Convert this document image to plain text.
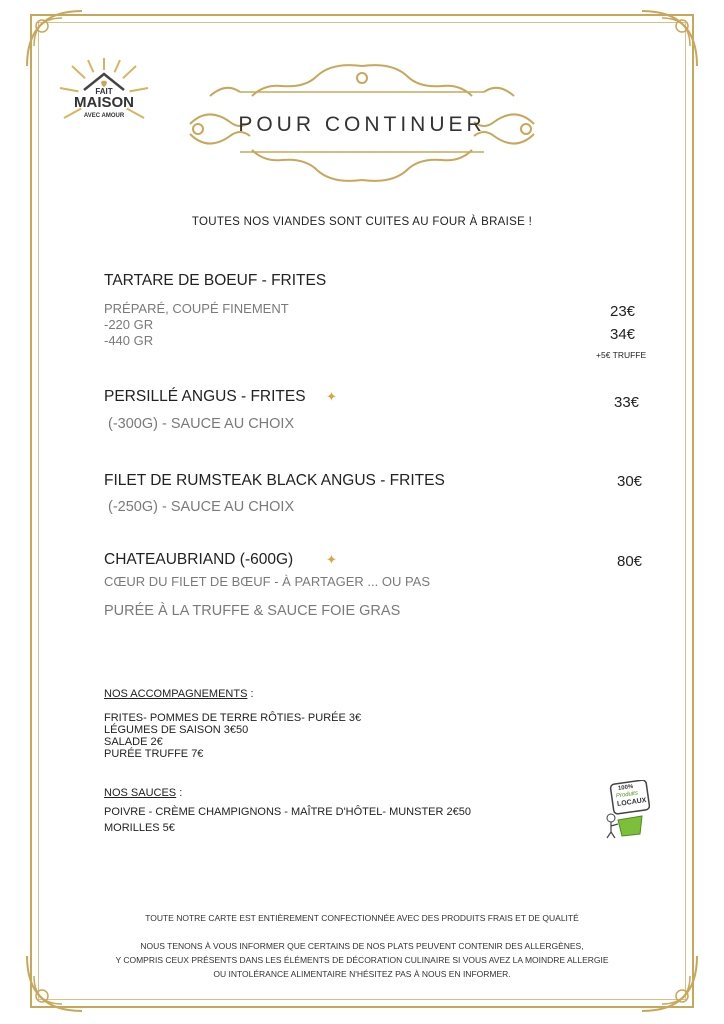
FAIT
MAISON
AVEC AMOUR	POUR CONTINUER
TOUTES NOS VIANDES SONT CUITES AU FOUR À BRAISE !
TARTARE DE BOEUF - FRITES
PRÉPARÉ, COUPÉ FINEMENT
-220 GR
-440 GR
23€
34€
+5€ TRUFFE
PERSILLÉ ANGUS - FRITES ✦
(-300G) - SAUCE AU CHOIX
33€
FILET DE RUMSTEAK BLACK ANGUS - FRITES
(-250G) - SAUCE AU CHOIX
30€
CHATEAUBRIAND (-600G)	✦
CŒUR DU FILET DE BŒUF - À PARTAGER ... OU PAS
PURÉE À LA TRUFFE & SAUCE FOIE GRAS
80€
NOS ACCOMPAGNEMENTS :
FRITES- POMMES DE TERRE RÔTIES- PURÉE 3€
LÉGUMES DE SAISON 3€50
SALADE 2€
PURÉE TRUFFE 7€
NOS SAUCES :
POIVRE - CRÈME CHAMPIGNONS - MAÎTRE D'HÔTEL- MUNSTER 2€50
MORILLES 5€
100%
Produits
LOCAUX
TOUTE NOTRE CARTE EST ENTIÈREMENT CONFECTIONNÉE AVEC DES PRODUITS FRAIS ET DE QUALITÉ
NOUS TENONS À VOUS INFORMER QUE CERTAINS DE NOS PLATS PEUVENT CONTENIR DES ALLERGÈNES,
Y COMPRIS CEUX PRÉSENTS DANS LES ÉLÉMENTS DE DÉCORATION CULINAIRE SI VOUS AVEZ LA MOINDRE ALLERGIE
OU INTOLÉRANCE ALIMENTAIRE N'HÉSITEZ PAS À NOUS EN INFORMER.
